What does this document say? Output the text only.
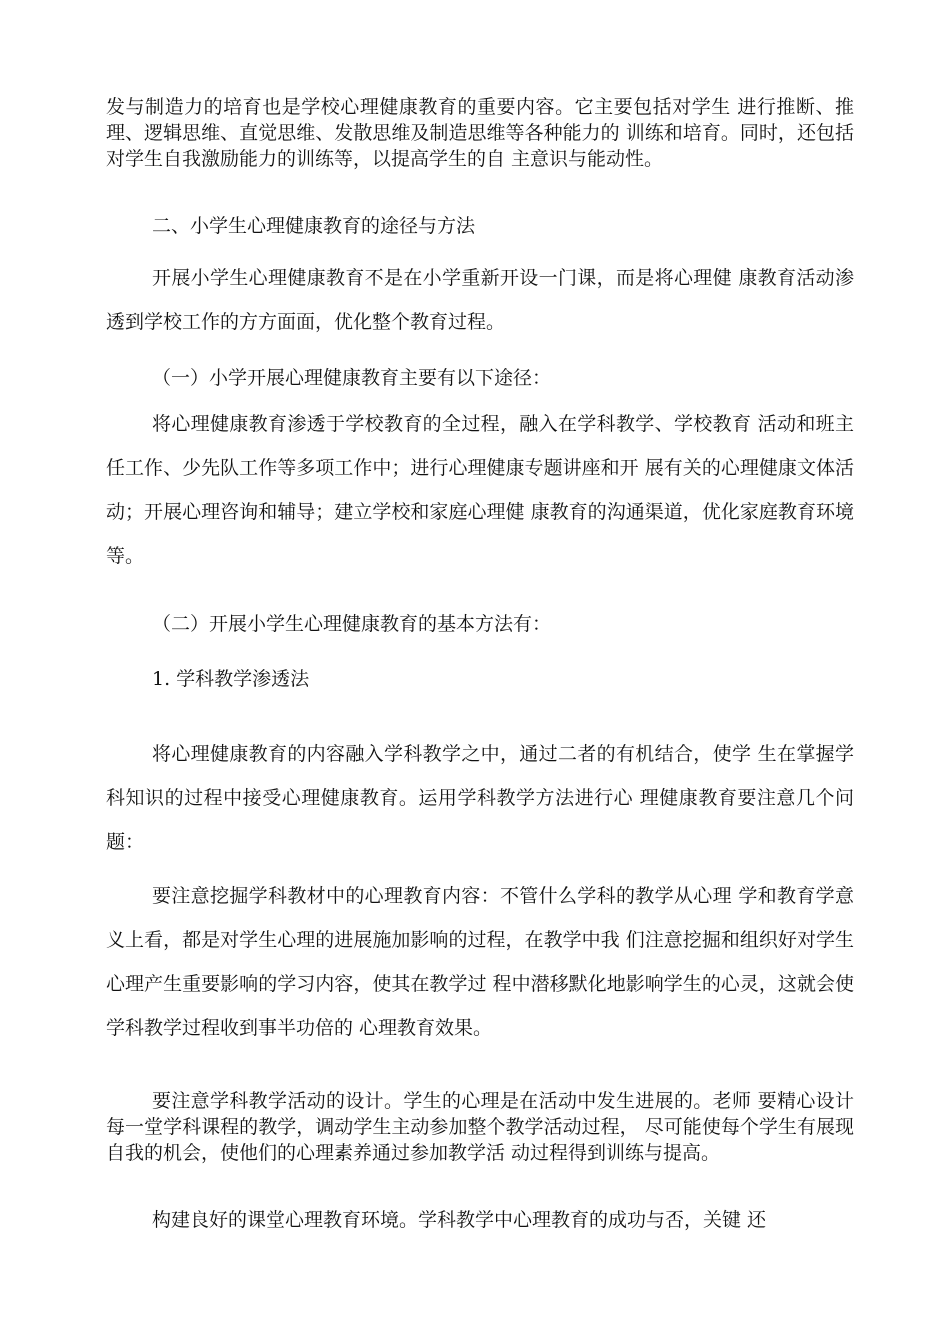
发与制造力的培育也是学校心理健康教育的重要内容。它主要包括对学生 进行推断、推理、逻辑思维、直觉思维、发散思维及制造思维等各种能力的 训练和培育。同时，还包括对学生自我激励能力的训练等，以提高学生的自 主意识与能动性。

二、小学生心理健康教育的途径与方法

开展小学生心理健康教育不是在小学重新开设一门课，而是将心理健 康教育活动渗透到学校工作的方方面面，优化整个教育过程。

（一）小学开展心理健康教育主要有以下途径：

将心理健康教育渗透于学校教育的全过程，融入在学科教学、学校教育 活动和班主任工作、少先队工作等多项工作中；进行心理健康专题讲座和开 展有关的心理健康文体活动；开展心理咨询和辅导；建立学校和家庭心理健 康教育的沟通渠道，优化家庭教育环境等。

（二）开展小学生心理健康教育的基本方法有：

1. 学科教学渗透法

将心理健康教育的内容融入学科教学之中，通过二者的有机结合，使学 生在掌握学科知识的过程中接受心理健康教育。运用学科教学方法进行心 理健康教育要注意几个问题：

要注意挖掘学科教材中的心理教育内容：不管什么学科的教学从心理 学和教育学意义上看，都是对学生心理的进展施加影响的过程，在教学中我 们注意挖掘和组织好对学生心理产生重要影响的学习内容，使其在教学过 程中潜移默化地影响学生的心灵，这就会使学科教学过程收到事半功倍的 心理教育效果。

要注意学科教学活动的设计。学生的心理是在活动中发生进展的。老师 要精心设计每一堂学科课程的教学，调动学生主动参加整个教学活动过程， 尽可能使每个学生有展现自我的机会，使他们的心理素养通过参加教学活 动过程得到训练与提高。

构建良好的课堂心理教育环境。学科教学中心理教育的成功与否，关键 还
